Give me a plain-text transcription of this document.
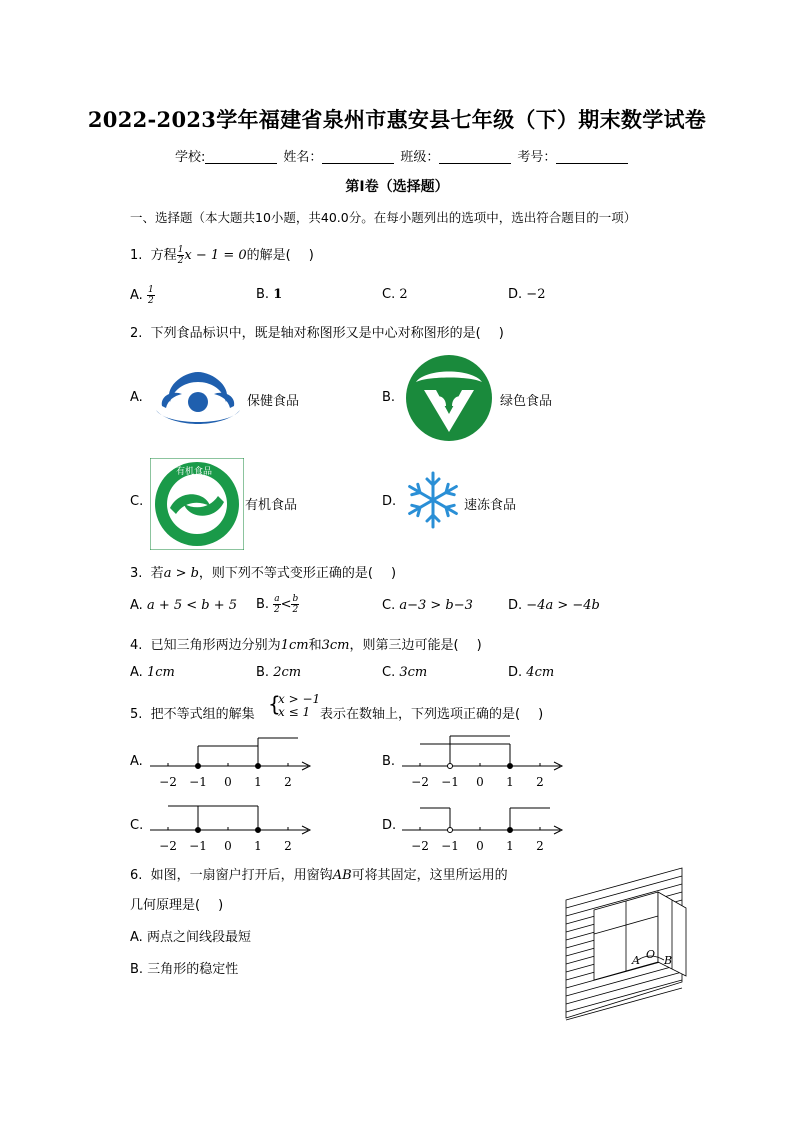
2022-2023学年福建省泉州市惠安县七年级（下）期末数学试卷
学校:	姓名：	班级：	考号：
第Ⅰ卷（选择题）
一、选择题（本大题共10小题，共40.0分。在每小题列出的选项中，选出符合题目的一项）
1. 方程 $\frac{1}{2}$ x − 1 = 0的解是( )
A. $\frac{1}{2}$	B. 1	C. 2	D. −2
2. 下列食品标识中，既是轴对称图形又是中心对称图形的是( )
A.	保健食品	B.	绿色食品
C.
有机食品
有机食品	D.	速冻食品
3. 若a > b，则下列不等式变形正确的是( )
A. a + 5 < b + 5 B. $\frac{a}{2} < \frac{b}{2}$	C. a−3 > b−3	D. −4a > −4b
4. 已知三角形两边分别为1cm和3cm，则第三边可能是( )
A. 1cm	B. 2cm	C. 3cm	D. 4cm
5. 把不等式组的解集 {
x > −1
x ≤ 1 表示在数轴上，下列选项正确的是( )
A.	B.
C.	D.
−2 −1 0 1 2	−2 −1 0 1 2
−2 −1 0 1 2	−2 −1 0 1 2
6. 如图，一扇窗户打开后，用窗钩AB可将其固定，这里所运用的
几何原理是( )
A. 两点之间线段最短
B. 三角形的稳定性
A O B
